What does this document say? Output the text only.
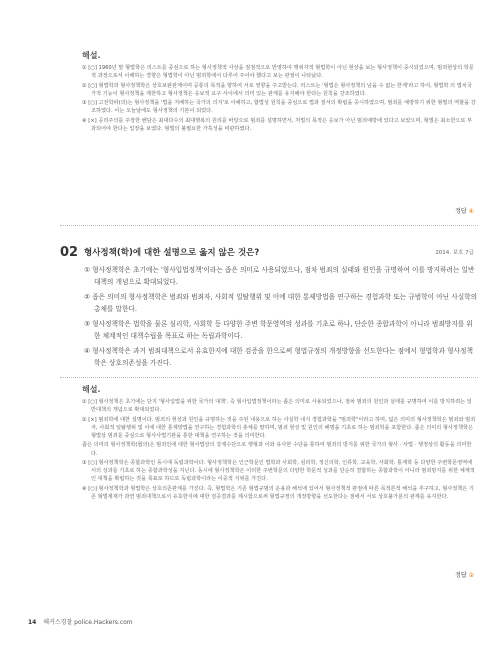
해설.

① [○] 1960년 말 형법학은 리스트를 중심으로 하는 형사정책적 사상을 점점적으로 반영하여 행위자적 형법학이 아닌 현상을 보는 형사정책이 중시되었으며, 범죄현상의 학문적 과정으로서 이해하는 경향은 형법학이 아닌 범죄학에서 다루어 주어야 했다고 보는 관점이 나타났다.

② [○] 형법학과 형사정책학은 상호보완관계이며 공통의 목적을 향하여 서로 영향을 주고받는다. 리스트는 '형법은 형사정책의 넘을 수 없는 한계'라고 하여, 형법학 의 법치국가적 기능이 형사정책을 제한하고 형사정책은 응보적 요구 사이에서 의미 있는 관계를 유지해야 한다는 원칙을 강조하였다.

③ [○] 고전학파(의)는 형사정책을 '법을 지배하는 국가의 의지'로 이해하고, 합법성 원칙을 중심으로 법과 질서의 확립을 중시하였으며, 범죄를 예방하기 위한 형벌의 역할을 강조하였다. 이는 오늘날에도 형사정책의 기본이 되었다.

④ [×] 공리주의를 주장한 벤담은 최대다수의 최대행복의 원리를 바탕으로 범죄를 설명하면서, 처벌의 목적은 응보가 아닌 범죄예방에 있다고 보았으며, 형벌은 최소한으로 부과되어야 한다는 입장을 보였다. 형벌의 불필요한 가혹성을 비판하였다.

정답 ④
02 형사정책(학)에 대한 설명으로 옳지 않은 것은?	2014. 보호 7급

① 형사정책학은 초기에는 '형사입법정책'이라는 좁은 의미로 사용되었으나, 점차 범죄의 실태와 원인을 규명하여 이를 방지하려는 일반대책의 개념으로 확대되었다.

② 좁은 의미의 형사정책학은 범죄와 범죄자, 사회적 일탈행위 및 이에 대한 통제방법을 연구하는 경험과학 또는 규범학이 아닌 사실학의 총체를 말한다.

③ 형사정책학은 법학을 물론 심리학, 사회학 등 다양한 주변 학문영역의 성과를 기초로 하나, 단순한 종합과학이 아니라 범죄방지를 위한 체계적인 대책수립을 목표로 하는 독립과학이다.

④ 형사정책학은 과거 범죄대책으로서 유효한지에 대한 검증을 한으로써 형법규정의 개정방향을 선도한다는 점에서 형법학과 형사정책학은 상호의존성을 가진다.

해설.

① [○] 형사정책은 초기에는 단지 '형사입법을 위한 국가의 대책', 즉 형사입법정책이라는 좁은 의미로 사용되었으나, 점차 범죄의 원인과 실태를 규명하여 이를 방지하려는 일반대책의 개념으로 확대되었다.

② [×] 범죄학에 대한 설명이다. 범죄의 현상과 원인을 규명하는 것을 주된 내용으로 하는 사실학 내지 경험과학을 "범죄학"이라고 하며, 넓은 의미의 형사정책학은 범죄와 범죄자, 사회적 일탈행위 및 이에 대한 통제방법을 연구하는 경험과학의 총체를 말하며, 범죄 현상 및 원인의 해명을 기초로 하는 범죄학을 포함한다. 좁은 의미의 형사정책학은 형법상 범죄를 중심으로 형사사법기관을 통한 대책을 연구하는 것을 의미한다.

좁은 의미의 형사정책학(협의)은 범죄인에 대한 형사법상의 강제수단으로 행형과 이와 유사한 수단을 통하여 범죄의 방지를 위한 국가의 형사 · 사법 · 행정상의 활동을 의미한다.

③ [○] 형사정책학은 종합과학인 동시에 독립과학이다. 형사정책학은 인근학문인 법학과 사회학, 심리학, 정신의학, 인류학, 교육학, 사회학, 통계학 등 다양한 주변학문영역에서의 성과를 기초로 하는 종합과학성을 지닌다. 동시에 형사정책학은 이러한 주변학문의 다양한 학문적 성과를 단순히 결합하는 종합과학이 아니라 범죄방지를 위한 체계적인 대책을 확립하는 것을 목표로 하므로 독립과학이라는 이중적 지위를 가진다.

④ [○] 형사정책학과 형법학은 상호의존관계를 가진다. 즉, 형법학은 기존 형법규범의 운용과 해석에 있어서 형사정책적 관점에 따른 목적론적 해석을 추구하고, 형사정책은 기존 형벌제재가 과연 범죄대책으로서 유효한지에 대한 검증결과를 제시함으로써 형법규정의 개정방향을 선도한다는 점에서 서로 상호불가분의 관계를 유지한다.

정답 ②
14 해커스경찰 police.Hackers.com
